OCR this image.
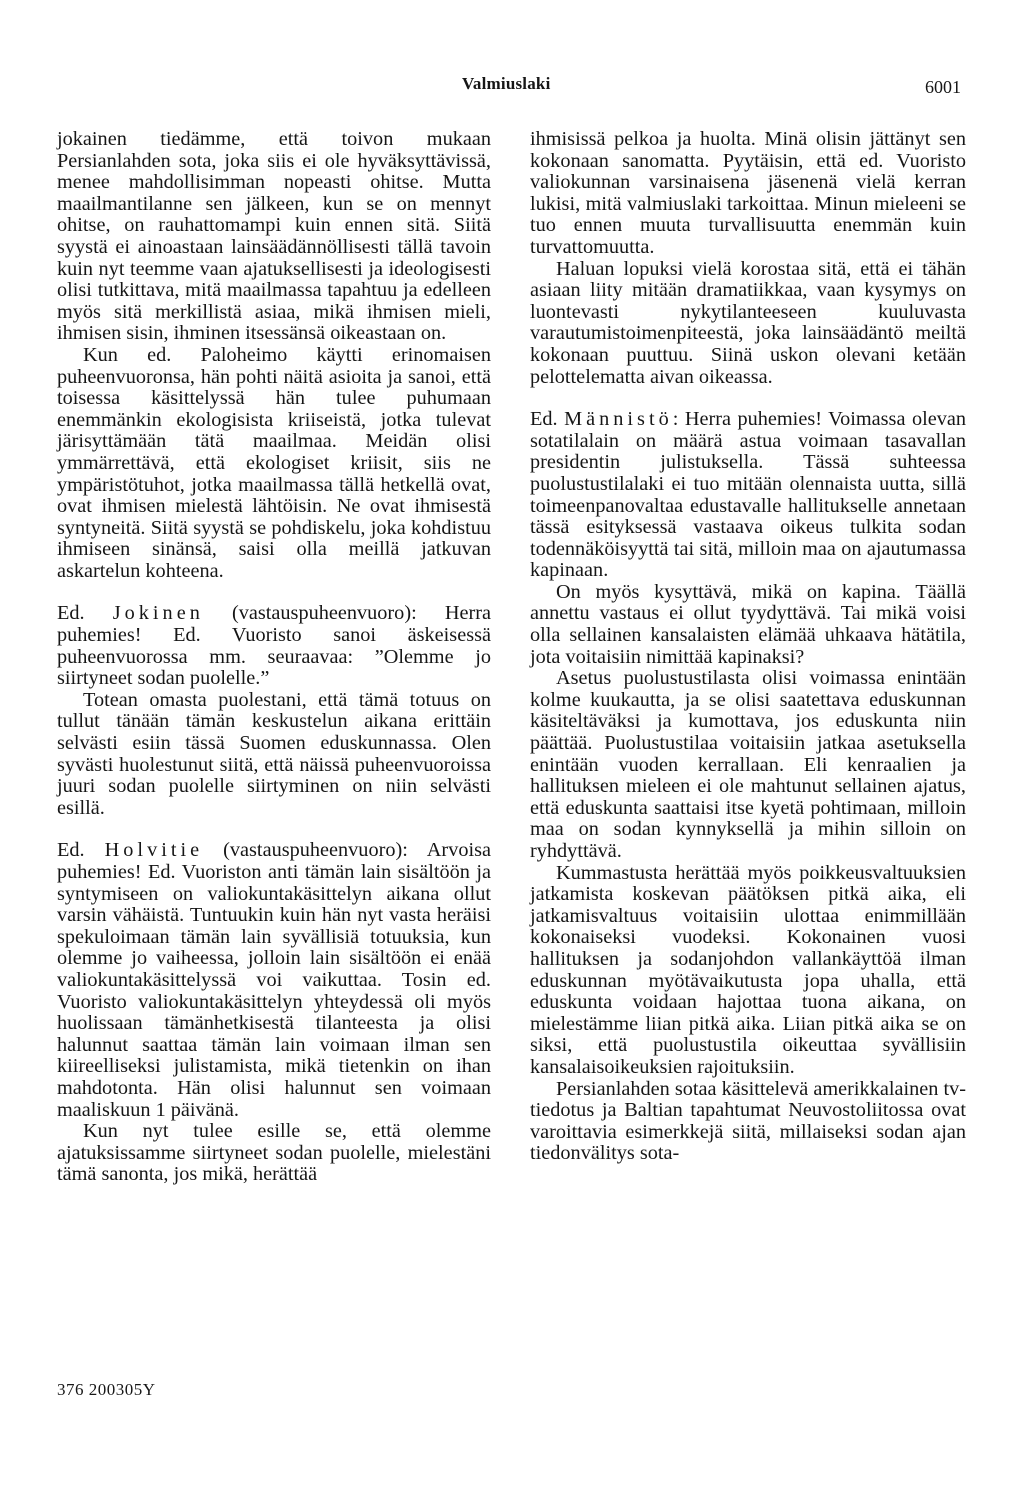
Valmiuslaki	6001

jokainen tiedämme, että toivon mukaan Persianlahden sota, joka siis ei ole hyväksyttävissä, menee mahdollisimman nopeasti ohitse. Mutta maailmantilanne sen jälkeen, kun se on mennyt ohitse, on rauhattomampi kuin ennen sitä. Siitä syystä ei ainoastaan lainsäädännöllisesti tällä tavoin kuin nyt teemme vaan ajatuksellisesti ja ideologisesti olisi tutkittava, mitä maailmassa tapahtuu ja edelleen myös sitä merkillistä asiaa, mikä ihmisen mieli, ihmisen sisin, ihminen itsessänsä oikeastaan on.

Kun ed. Paloheimo käytti erinomaisen puheenvuoronsa, hän pohti näitä asioita ja sanoi, että toisessa käsittelyssä hän tulee puhumaan enemmänkin ekologisista kriiseistä, jotka tulevat järisyttämään tätä maailmaa. Meidän olisi ymmärrettävä, että ekologiset kriisit, siis ne ympäristötuhot, jotka maailmassa tällä hetkellä ovat, ovat ihmisen mielestä lähtöisin. Ne ovat ihmisestä syntyneitä. Siitä syystä se pohdiskelu, joka kohdistuu ihmiseen sinänsä, saisi olla meillä jatkuvan askartelun kohteena.

Ed. Jokinen (vastauspuheenvuoro): Herra puhemies! Ed. Vuoristo sanoi äskeisessä puheenvuorossa mm. seuraavaa: ”Olemme jo siirtyneet sodan puolelle.”

Totean omasta puolestani, että tämä totuus on tullut tänään tämän keskustelun aikana erittäin selvästi esiin tässä Suomen eduskunnassa. Olen syvästi huolestunut siitä, että näissä puheenvuoroissa juuri sodan puolelle siirtyminen on niin selvästi esillä.

Ed. Holvitie (vastauspuheenvuoro): Arvoisa puhemies! Ed. Vuoriston anti tämän lain sisältöön ja syntymiseen on valiokuntakäsittelyn aikana ollut varsin vähäistä. Tuntuukin kuin hän nyt vasta heräisi spekuloimaan tämän lain syvällisiä totuuksia, kun olemme jo vaiheessa, jolloin lain sisältöön ei enää valiokuntakäsittelyssä voi vaikuttaa. Tosin ed. Vuoristo valiokuntakäsittelyn yhteydessä oli myös huolissaan tämänhetkisestä tilanteesta ja olisi halunnut saattaa tämän lain voimaan ilman sen kiireelliseksi julistamista, mikä tietenkin on ihan mahdotonta. Hän olisi halunnut sen voimaan maaliskuun 1 päivänä.

Kun nyt tulee esille se, että olemme ajatuksissamme siirtyneet sodan puolelle, mielestäni tämä sanonta, jos mikä, herättää

ihmisissä pelkoa ja huolta. Minä olisin jättänyt sen kokonaan sanomatta. Pyytäisin, että ed. Vuoristo valiokunnan varsinaisena jäsenenä vielä kerran lukisi, mitä valmiuslaki tarkoittaa. Minun mieleeni se tuo ennen muuta turvallisuutta enemmän kuin turvattomuutta.

Haluan lopuksi vielä korostaa sitä, että ei tähän asiaan liity mitään dramatiikkaa, vaan kysymys on luontevasti nykytilanteeseen kuuluvasta varautumistoimenpiteestä, joka lainsäädäntö meiltä kokonaan puuttuu. Siinä uskon olevani ketään pelottelematta aivan oikeassa.

Ed. Männistö: Herra puhemies! Voimassa olevan sotatilalain on määrä astua voimaan tasavallan presidentin julistuksella. Tässä suhteessa puolustustilalaki ei tuo mitään olennaista uutta, sillä toimeenpanovaltaa edustavalle hallitukselle annetaan tässä esityksessä vastaava oikeus tulkita sodan todennäköisyyttä tai sitä, milloin maa on ajautumassa kapinaan.

On myös kysyttävä, mikä on kapina. Täällä annettu vastaus ei ollut tyydyttävä. Tai mikä voisi olla sellainen kansalaisten elämää uhkaava hätätila, jota voitaisiin nimittää kapinaksi?

Asetus puolustustilasta olisi voimassa enintään kolme kuukautta, ja se olisi saatettava eduskunnan käsiteltäväksi ja kumottava, jos eduskunta niin päättää. Puolustustilaa voitaisiin jatkaa asetuksella enintään vuoden kerrallaan. Eli kenraalien ja hallituksen mieleen ei ole mahtunut sellainen ajatus, että eduskunta saattaisi itse kyetä pohtimaan, milloin maa on sodan kynnyksellä ja mihin silloin on ryhdyttävä.

Kummastusta herättää myös poikkeusvaltuuksien jatkamista koskevan päätöksen pitkä aika, eli jatkamisvaltuus voitaisiin ulottaa enimmillään kokonaiseksi vuodeksi. Kokonainen vuosi hallituksen ja sodanjohdon vallankäyttöä ilman eduskunnan myötävaikutusta jopa uhalla, että eduskunta voidaan hajottaa tuona aikana, on mielestämme liian pitkä aika. Liian pitkä aika se on siksi, että puolustustila oikeuttaa syvällisiin kansalaisoikeuksien rajoituksiin.

Persianlahden sotaa käsittelevä amerikkalainen tv-tiedotus ja Baltian tapahtumat Neuvostoliitossa ovat varoittavia esimerkkejä siitä, millaiseksi sodan ajan tiedonvälitys sota-

376 200305Y
